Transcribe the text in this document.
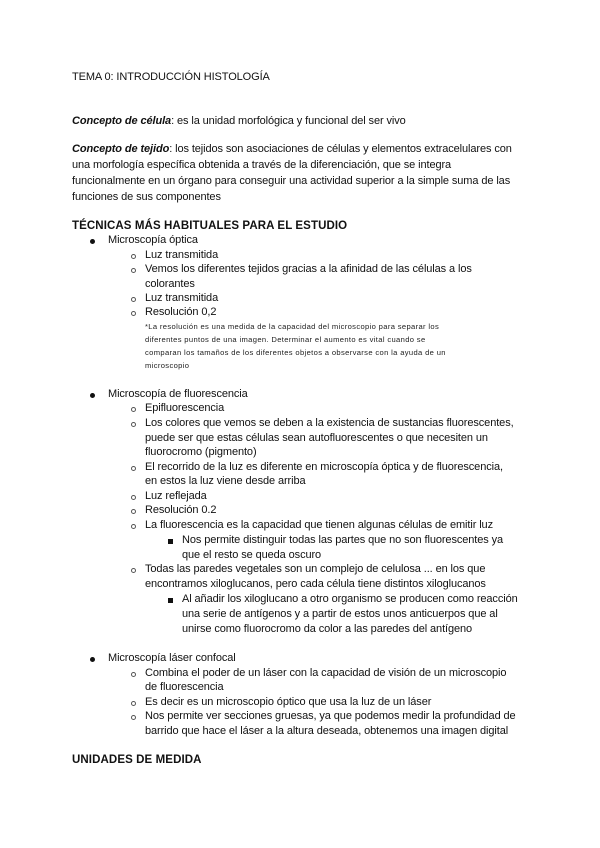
TEMA 0: INTRODUCCIÓN HISTOLOGÍA
Concepto de célula: es la unidad morfológica y funcional del ser vivo
Concepto de tejido: los tejidos son asociaciones de células y elementos extracelulares con
una morfología específica obtenida a través de la diferenciación, que se integra
funcionalmente en un órgano para conseguir una actividad superior a la simple suma de las
funciones de sus componentes
TÉCNICAS MÁS HABITUALES PARA EL ESTUDIO
Microscopía óptica
Luz transmitida
Vemos los diferentes tejidos gracias a la afinidad de las células a los
colorantes
Luz transmitida
Resolución 0,2
*La resolución es una medida de la capacidad del microscopio para separar los
diferentes puntos de una imagen. Determinar el aumento es vital cuando se
comparan los tamaños de los diferentes objetos a observarse con la ayuda de un
microscopio
Microscopía de fluorescencia
Epifluorescencia
Los colores que vemos se deben a la existencia de sustancias fluorescentes,
puede ser que estas células sean autofluorescentes o que necesiten un
fluorocromo (pigmento)
El recorrido de la luz es diferente en microscopía óptica y de fluorescencia,
en estos la luz viene desde arriba
Luz reflejada
Resolución 0.2
La fluorescencia es la capacidad que tienen algunas células de emitir luz
Nos permite distinguir todas las partes que no son fluorescentes ya
que el resto se queda oscuro
Todas las paredes vegetales son un complejo de celulosa ... en los que
encontramos xiloglucanos, pero cada célula tiene distintos xiloglucanos
Al añadir los xiloglucano a otro organismo se producen como reacción
una serie de antígenos y a partir de estos unos anticuerpos que al
unirse como fluorocromo da color a las paredes del antígeno
Microscopía láser confocal
Combina el poder de un láser con la capacidad de visión de un microscopio
de fluorescencia
Es decir es un microscopio óptico que usa la luz de un láser
Nos permite ver secciones gruesas, ya que podemos medir la profundidad de
barrido que hace el láser a la altura deseada, obtenemos una imagen digital
UNIDADES DE MEDIDA
